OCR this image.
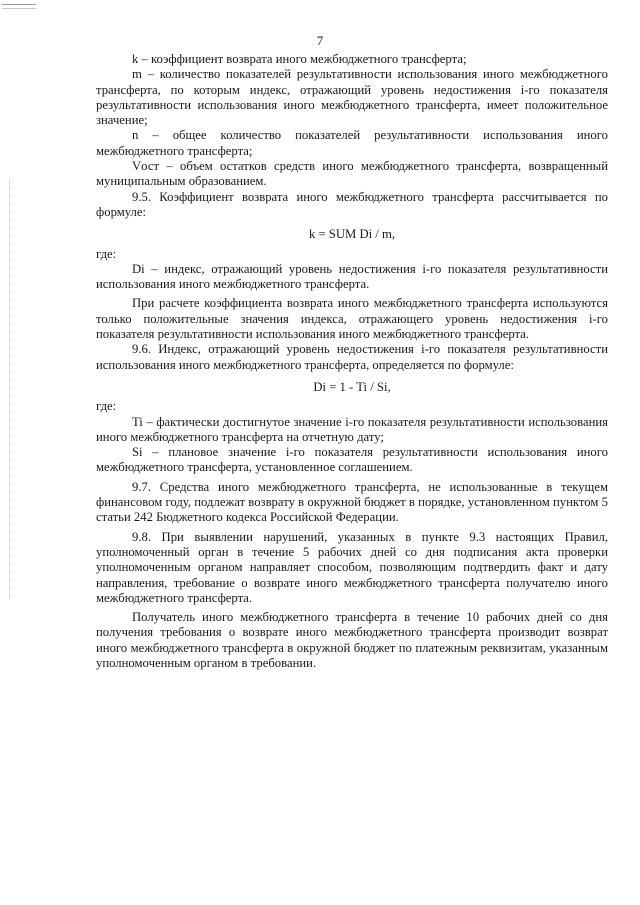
7

k – коэффициент возврата иного межбюджетного трансферта;

m – количество показателей результативности использования иного межбюджетного трансферта, по которым индекс, отражающий уровень недостижения i-го показателя результативности использования иного межбюджетного трансферта, имеет положительное значение;

n – общее количество показателей результативности использования иного межбюджетного трансферта;

Vост – объем остатков средств иного межбюджетного трансферта, возвращенный муниципальным образованием.

9.5. Коэффициент возврата иного межбюджетного трансферта рассчитывается по формуле:

k = SUM Di / m,

где:

Di – индекс, отражающий уровень недостижения i-го показателя результативности использования иного межбюджетного трансферта.

При расчете коэффициента возврата иного межбюджетного трансферта используются только положительные значения индекса, отражающего уровень недостижения i-го показателя результативности использования иного межбюджетного трансферта.

9.6. Индекс, отражающий уровень недостижения i-го показателя результативности использования иного межбюджетного трансферта, определяется по формуле:

Di = 1 - Ti / Si,

где:

Ti – фактически достигнутое значение i-го показателя результативности использования иного межбюджетного трансферта на отчетную дату;

Si – плановое значение i-го показателя результативности использования иного межбюджетного трансферта, установленное соглашением.

9.7. Средства иного межбюджетного трансферта, не использованные в текущем финансовом году, подлежат возврату в окружной бюджет в порядке, установленном пунктом 5 статьи 242 Бюджетного кодекса Российской Федерации.

9.8. При выявлении нарушений, указанных в пункте 9.3 настоящих Правил, уполномоченный орган в течение 5 рабочих дней со дня подписания акта проверки уполномоченным органом направляет способом, позволяющим подтвердить факт и дату направления, требование о возврате иного межбюджетного трансферта получателю иного межбюджетного трансферта.

Получатель иного межбюджетного трансферта в течение 10 рабочих дней со дня получения требования о возврате иного межбюджетного трансферта производит возврат иного межбюджетного трансферта в окружной бюджет по платежным реквизитам, указанным уполномоченным органом в требовании.
